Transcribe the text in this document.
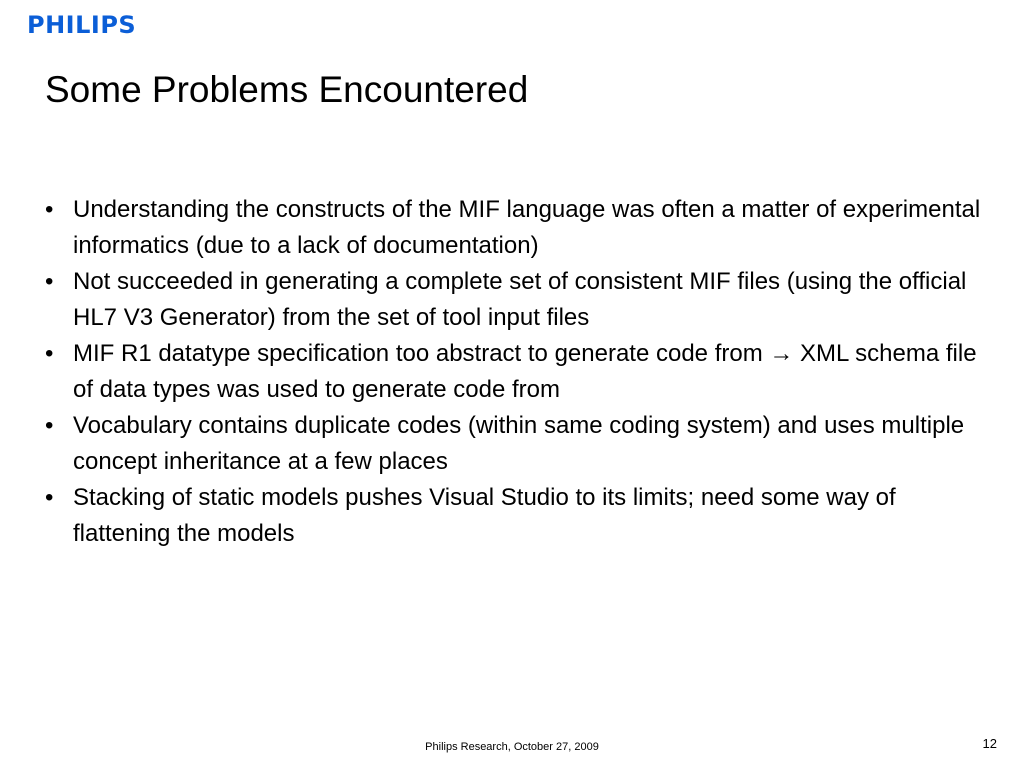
PHILIPS
Some Problems Encountered
• Understanding the constructs of the MIF language was often a matter of experimental informatics (due to a lack of documentation)
• Not succeeded in generating a complete set of consistent MIF files (using the official HL7 V3 Generator) from the set of tool input files
• MIF R1 datatype specification too abstract to generate code from → XML schema file of data types was used to generate code from
• Vocabulary contains duplicate codes (within same coding system) and uses multiple concept inheritance at a few places
• Stacking of static models pushes Visual Studio to its limits; need some way of flattening the models
Philips Research, October 27, 2009	12
